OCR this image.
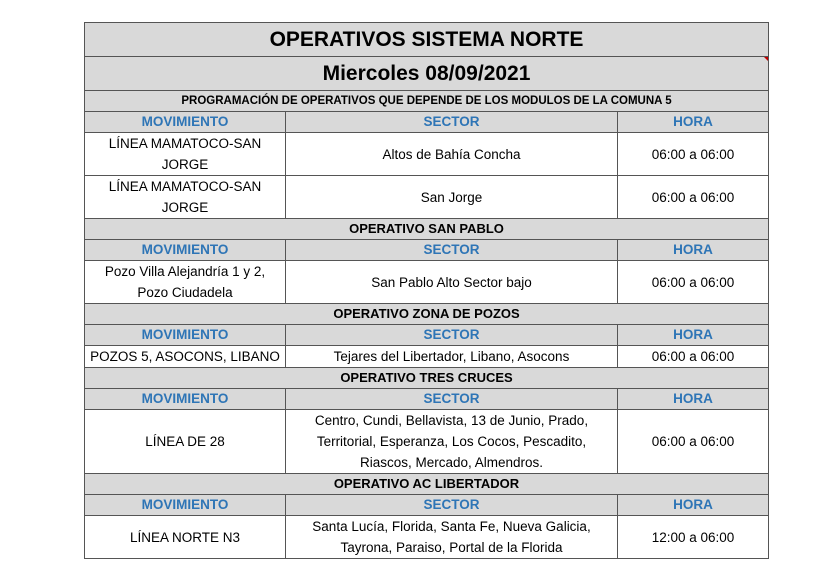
OPERATIVOS SISTEMA NORTE		
Miercoles 08/09/2021		

PROGRAMACIÓN DE OPERATIVOS QUE DEPENDE DE LOS MODULOS DE LA COMUNA 5		
MOVIMIENTO	SECTOR	HORA
LÍNEA MAMATOCO-SAN JORGE	Altos de Bahía Concha	06:00 a 06:00
LÍNEA MAMATOCO-SAN JORGE	San Jorge	06:00 a 06:00
OPERATIVO SAN PABLO		
MOVIMIENTO	SECTOR	HORA
Pozo Villa Alejandría 1 y 2, Pozo Ciudadela	San Pablo Alto Sector bajo	06:00 a 06:00
OPERATIVO ZONA DE POZOS		
MOVIMIENTO	SECTOR	HORA
POZOS 5, ASOCONS, LIBANO	Tejares del Libertador, Libano, Asocons	06:00 a 06:00
OPERATIVO TRES CRUCES		
MOVIMIENTO	SECTOR	HORA
LÍNEA DE 28	Centro, Cundi, Bellavista, 13 de Junio, Prado, Territorial, Esperanza, Los Cocos, Pescadito, Riascos, Mercado, Almendros.	06:00 a 06:00
OPERATIVO AC LIBERTADOR		
MOVIMIENTO	SECTOR	HORA
LÍNEA NORTE N3	Santa Lucía, Florida, Santa Fe, Nueva Galicia, Tayrona, Paraiso, Portal de la Florida	12:00 a 06:00
